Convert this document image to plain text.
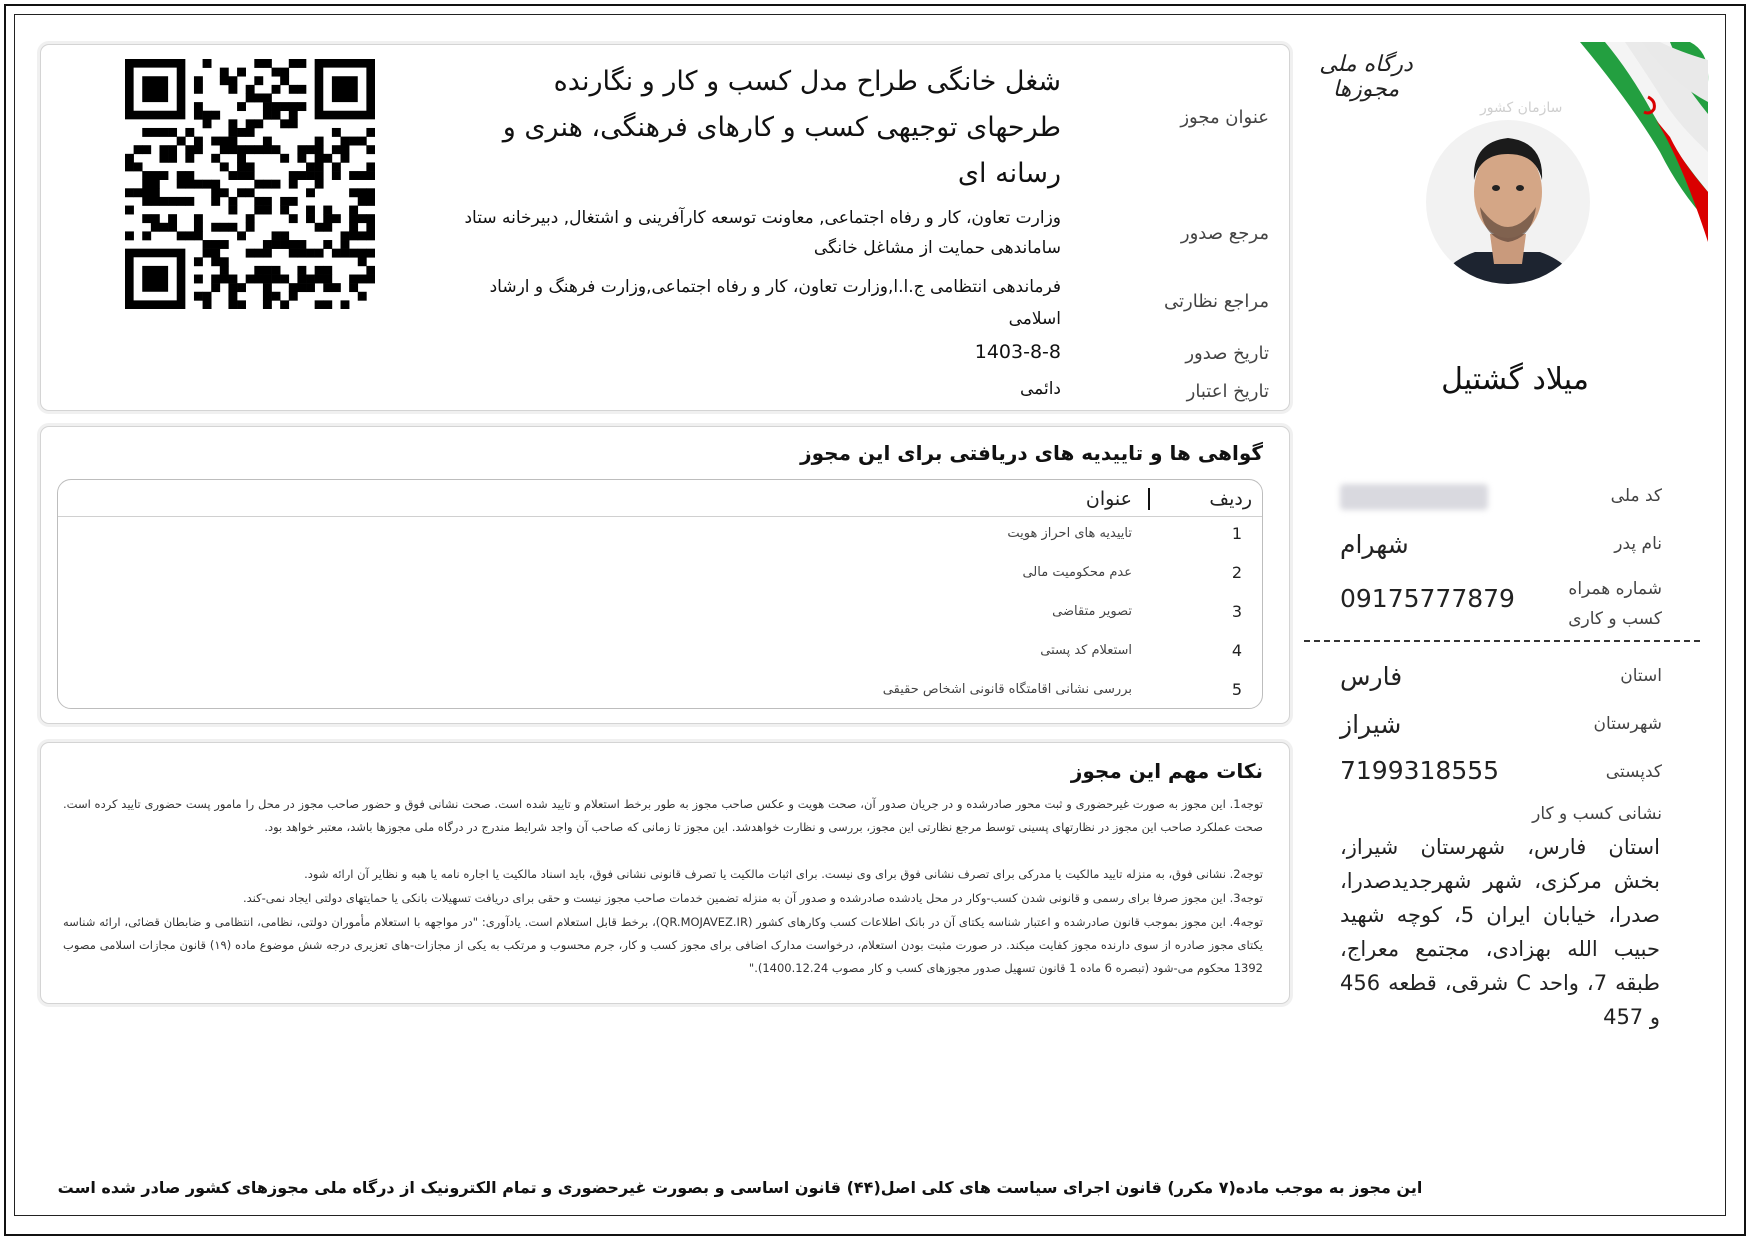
عنوان مجوز
شغل خانگی طراح مدل کسب و کار و نگارنده
طرحهای توجیهی کسب و کارهای فرهنگی، هنری و
رسانه ای
مرجع صدور
وزارت تعاون، کار و رفاه اجتماعی, معاونت توسعه کارآفرینی و اشتغال, دبیرخانه ستاد
ساماندهی حمایت از مشاغل خانگی
مراجع نظارتی
فرماندهی انتظامی ج.ا.ا,وزارت تعاون، کار و رفاه اجتماعی,وزارت فرهنگ و ارشاد
اسلامی
تاریخ صدور
1403-8-8
تاریخ اعتبار
دائمی
گواهی ها و تاییدیه های دریافتی برای این مجوز
ردیف
عنوان
1
تاییدیه های احراز هویت
2
عدم محکومیت مالی
3
تصویر متقاضی
4
استعلام کد پستی
5
بررسی نشانی اقامتگاه قانونی اشخاص حقیقی
نکات مهم این مجوز
توجه1. این مجوز به صورت غیرحضوری و ثبت محور صادرشده و در جریان صدور آن، صحت هویت و عکس صاحب مجوز به طور برخط استعلام و تایید شده است. صحت نشانی فوق و حضور صاحب مجوز در محل را مامور پست حضوری تایید کرده است. صحت عملکرد صاحب این مجوز در نظارتهای پسینی توسط مرجع نظارتی این مجوز، بررسی و نظارت خواهدشد. این مجوز تا زمانی که صاحب آن واجد شرایط مندرج در درگاه ملی مجوزها باشد، معتبر خواهد بود.
توجه2. نشانی فوق، به منزله تایید مالکیت یا مدرکی برای تصرف نشانی فوق برای وی نیست. برای اثبات مالکیت یا تصرف قانونی نشانی فوق، باید اسناد مالکیت یا اجاره نامه یا هبه و نظایر آن ارائه شود.
توجه3. این مجوز صرفا برای رسمی و قانونی شدن کسب-وکار در محل یادشده صادرشده و صدور آن به منزله تضمین خدمات صاحب مجوز نیست و حقی برای دریافت تسهیلات بانکی یا حمایتهای دولتی ایجاد نمی-کند.
توجه4. این مجوز بموجب قانون صادرشده و اعتبار شناسه یکتای آن در بانک اطلاعات کسب وکارهای کشور (QR.MOJAVEZ.IR)، برخط قابل استعلام است. یادآوری: "در مواجهه با استعلام مأموران دولتی، نظامی، انتظامی و ضابطان قضائی، ارائه شناسه یکتای مجوز صادره از سوی دارنده مجوز کفایت میکند. در صورت مثبت بودن استعلام، درخواست مدارک اضافی برای مجوز کسب و کار، جرم محسوب و مرتکب به یکی از مجازات-های تعزیری درجه شش موضوع ماده (۱۹) قانون مجازات اسلامی مصوب 1392 محکوم می-شود (تبصره 6 ماده 1 قانون تسهیل صدور مجوزهای کسب و کار مصوب 1400.12.24)."
درگاه ملی مجوزها
سازمان کشور
میلاد گشتیل
کد ملی
نام پدر
شهرام
شماره همراه
کسب و کاری
09175777879
استان
فارس
شهرستان
شیراز
کدپستی
7199318555
نشانی کسب و کار
استان فارس، شهرستان شیراز، بخش مرکزی، شهر شهرجدیدصدرا، صدرا، خیابان ایران 5، کوچه شهید حبیب الله بهزادی، مجتمع معراج، طبقه 7، واحد C شرقی، قطعه 456 و 457
این مجوز به موجب ماده(۷ مکرر) قانون اجرای سیاست های کلی اصل(۴۴) قانون اساسی و بصورت غیرحضوری و تمام الکترونیک از درگاه ملی مجوزهای کشور صادر شده است
